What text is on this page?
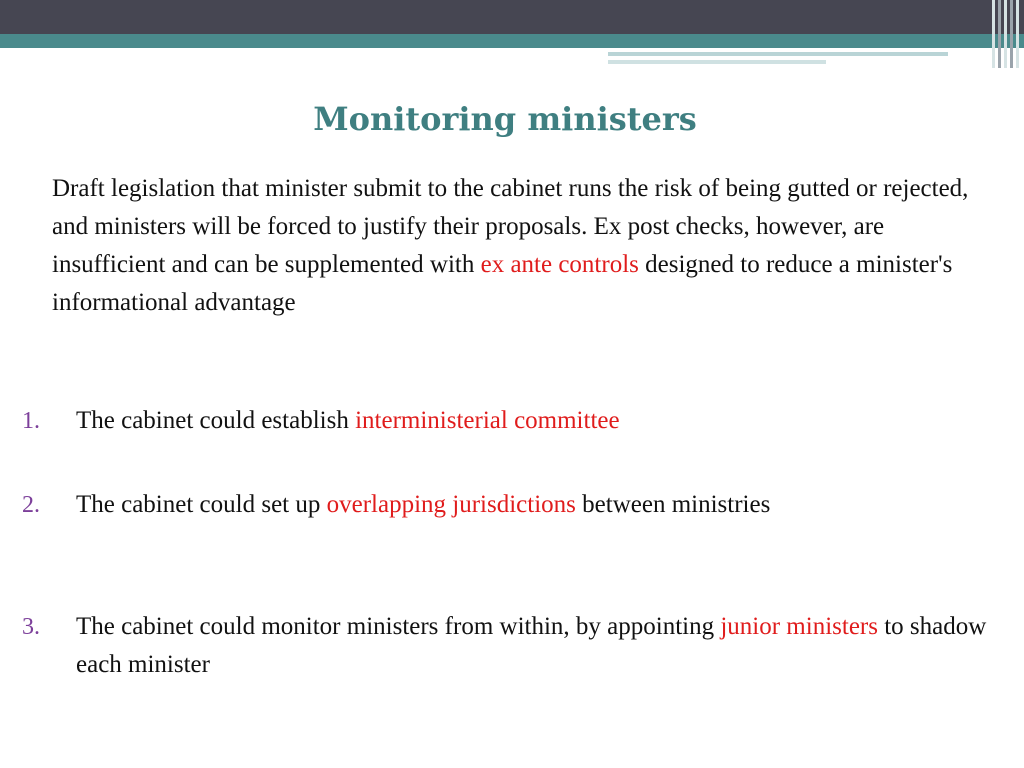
Monitoring ministers
Draft legislation that minister submit to the cabinet runs the risk of being gutted or rejected, and ministers will be forced to justify their proposals. Ex post checks, however, are insufficient and can be supplemented with ex ante controls designed to reduce a minister's informational advantage
1. The cabinet could establish interministerial committee
2. The cabinet could set up overlapping jurisdictions between ministries
3. The cabinet could monitor ministers from within, by appointing junior ministers to shadow each minister
